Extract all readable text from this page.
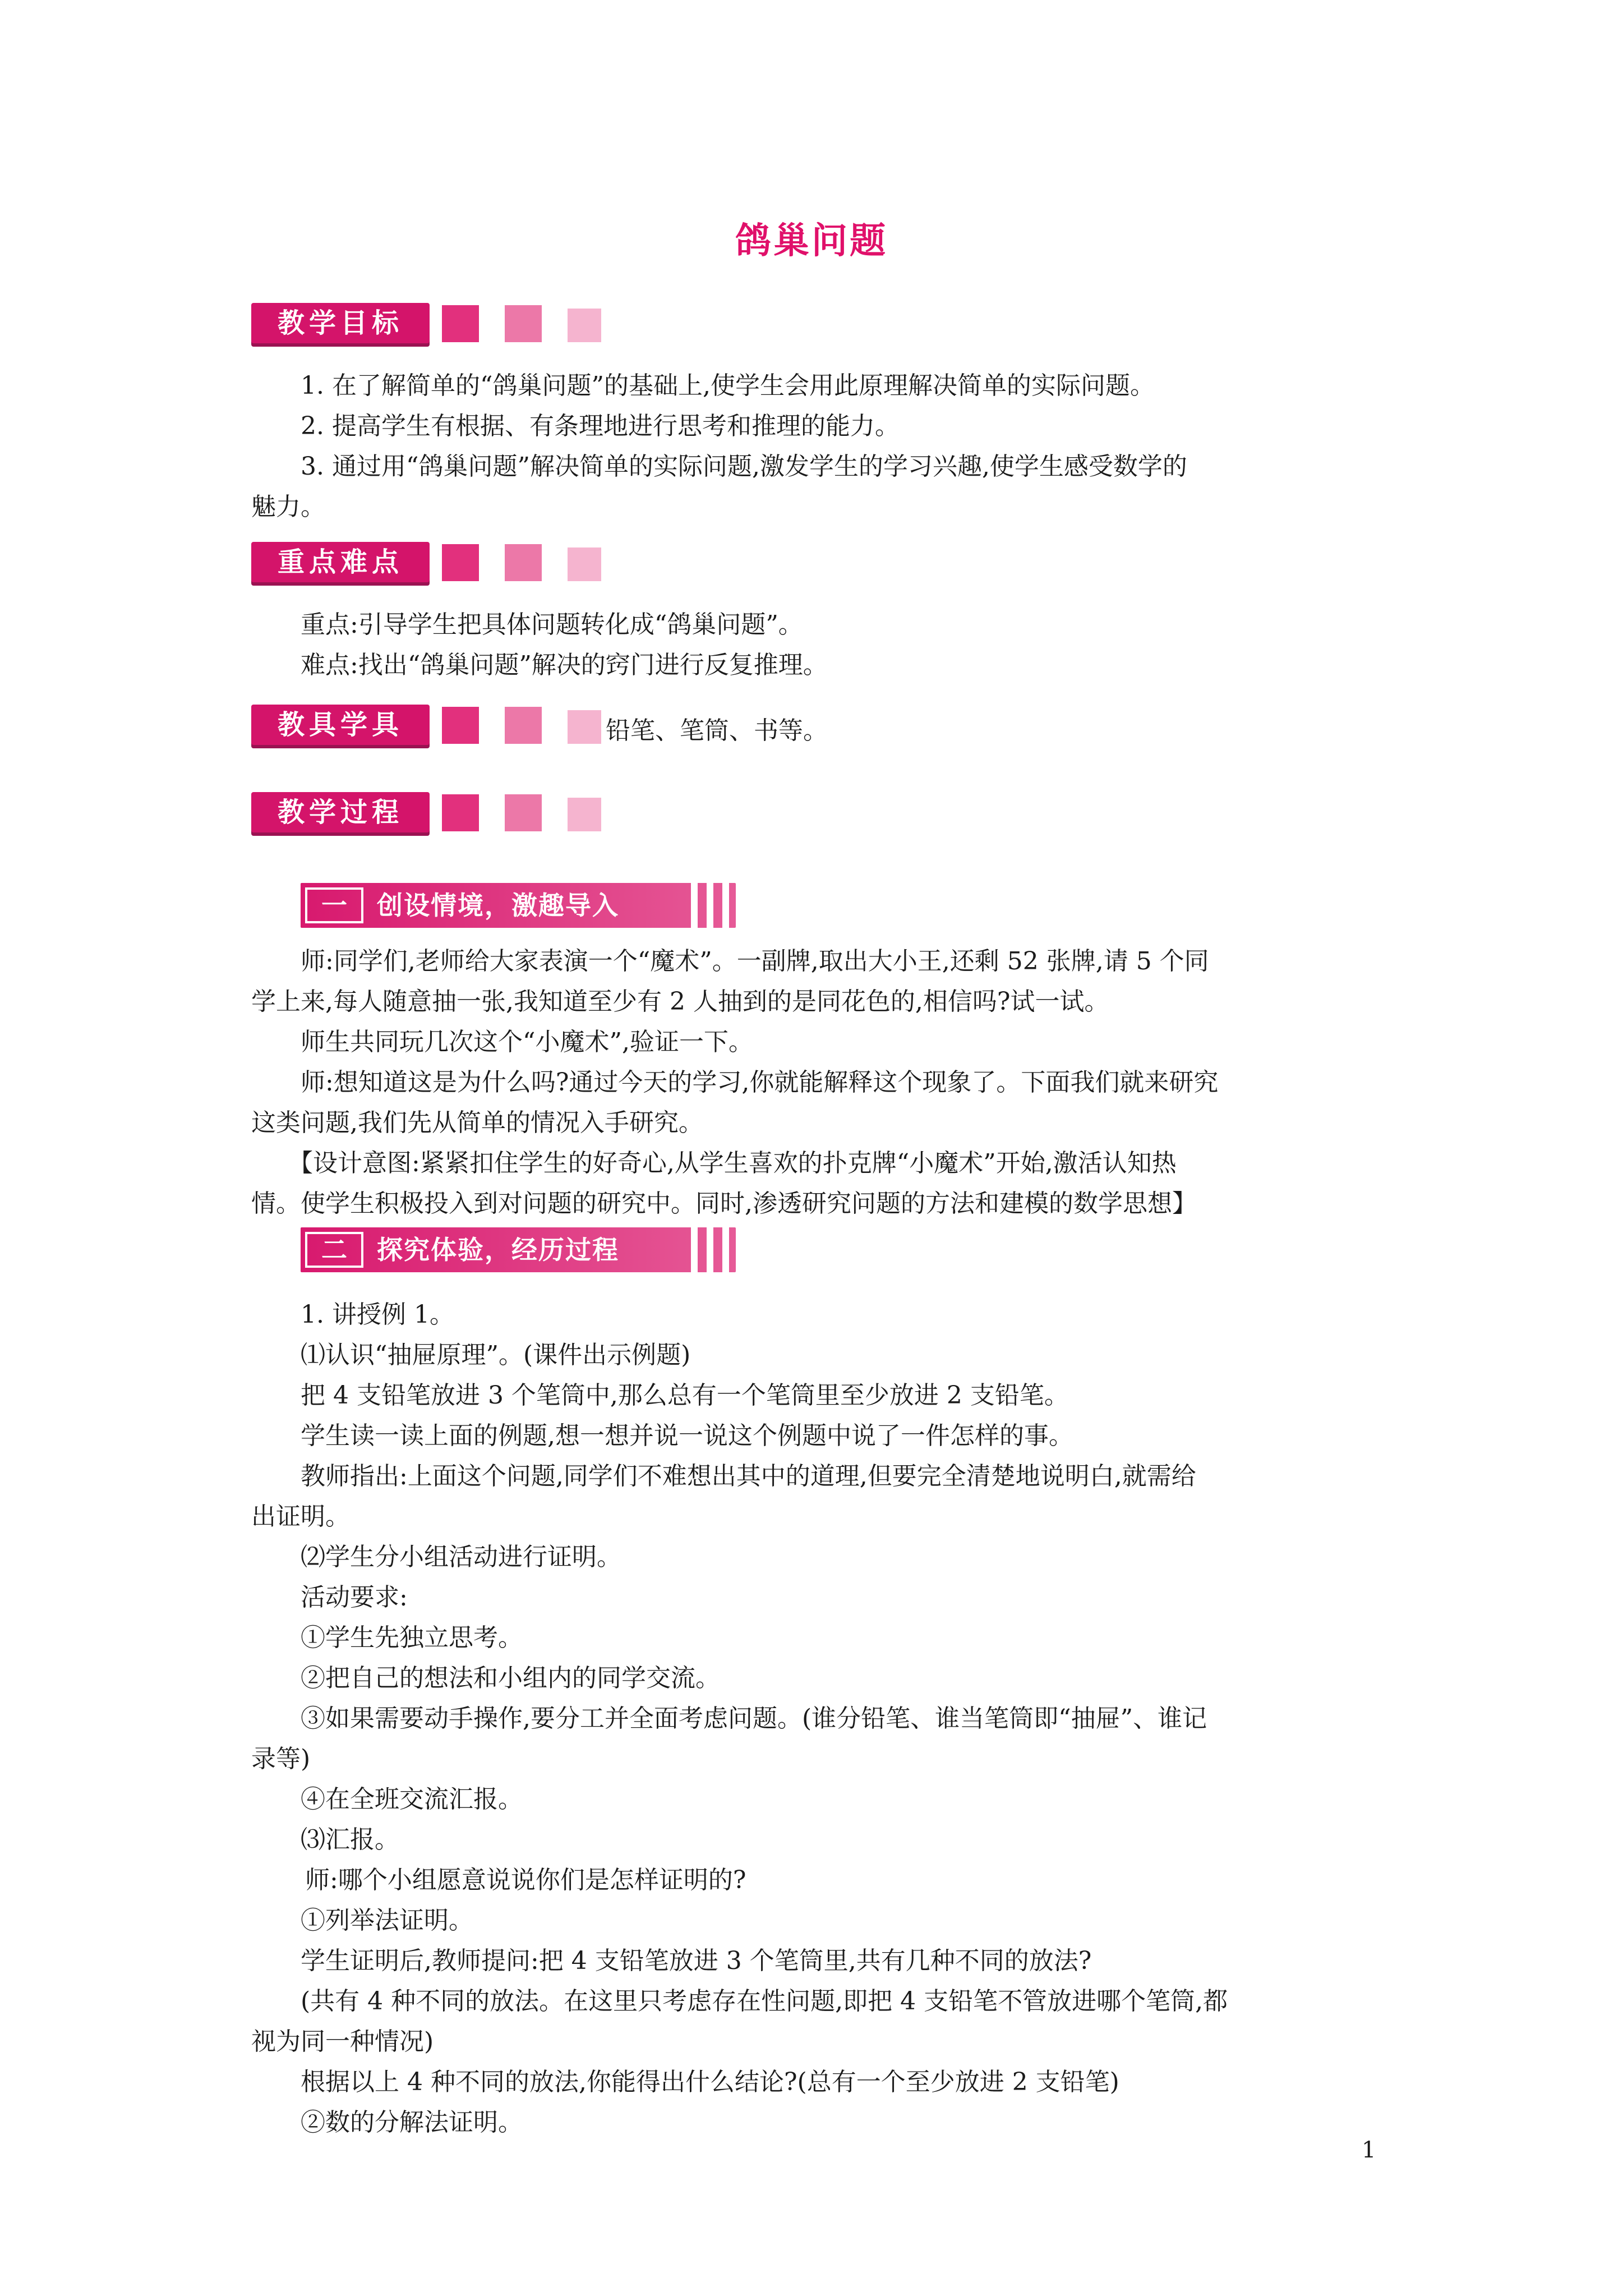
鸽巢问题
教学目标

1. 在了解简单的“鸽巢问题”的基础上,使学生会用此原理解决简单的实际问题。

2. 提高学生有根据、有条理地进行思考和推理的能力。

3. 通过用“鸽巢问题”解决简单的实际问题,激发学生的学习兴趣,使学生感受数学的

魅力。

重点难点

重点:引导学生把具体问题转化成“鸽巢问题”。

难点:找出“鸽巢问题”解决的窍门进行反复推理。

教具学具	铅笔、笔筒、书等。
教学过程
一	创设情境，激趣导入

师:同学们,老师给大家表演一个“魔术”。一副牌,取出大小王,还剩 52 张牌,请 5 个同

学上来,每人随意抽一张,我知道至少有 2 人抽到的是同花色的,相信吗?试一试。

师生共同玩几次这个“小魔术”,验证一下。

师:想知道这是为什么吗?通过今天的学习,你就能解释这个现象了。下面我们就来研究

这类问题,我们先从简单的情况入手研究。

【设计意图:紧紧扣住学生的好奇心,从学生喜欢的扑克牌“小魔术”开始,激活认知热

情。使学生积极投入到对问题的研究中。同时,渗透研究问题的方法和建模的数学思想】

二	探究体验，经历过程

1. 讲授例 1。

⑴认识“抽屉原理”。(课件出示例题)

把 4 支铅笔放进 3 个笔筒中,那么总有一个笔筒里至少放进 2 支铅笔。

学生读一读上面的例题,想一想并说一说这个例题中说了一件怎样的事。

教师指出:上面这个问题,同学们不难想出其中的道理,但要完全清楚地说明白,就需给

出证明。

⑵学生分小组活动进行证明。

活动要求:

①学生先独立思考。

②把自己的想法和小组内的同学交流。

③如果需要动手操作,要分工并全面考虑问题。(谁分铅笔、谁当笔筒即“抽屉”、谁记

录等)

④在全班交流汇报。

⑶汇报。

师:哪个小组愿意说说你们是怎样证明的?

①列举法证明。

学生证明后,教师提问:把 4 支铅笔放进 3 个笔筒里,共有几种不同的放法?

(共有 4 种不同的放法。在这里只考虑存在性问题,即把 4 支铅笔不管放进哪个笔筒,都

视为同一种情况)

根据以上 4 种不同的放法,你能得出什么结论?(总有一个至少放进 2 支铅笔)

②数的分解法证明。

1
